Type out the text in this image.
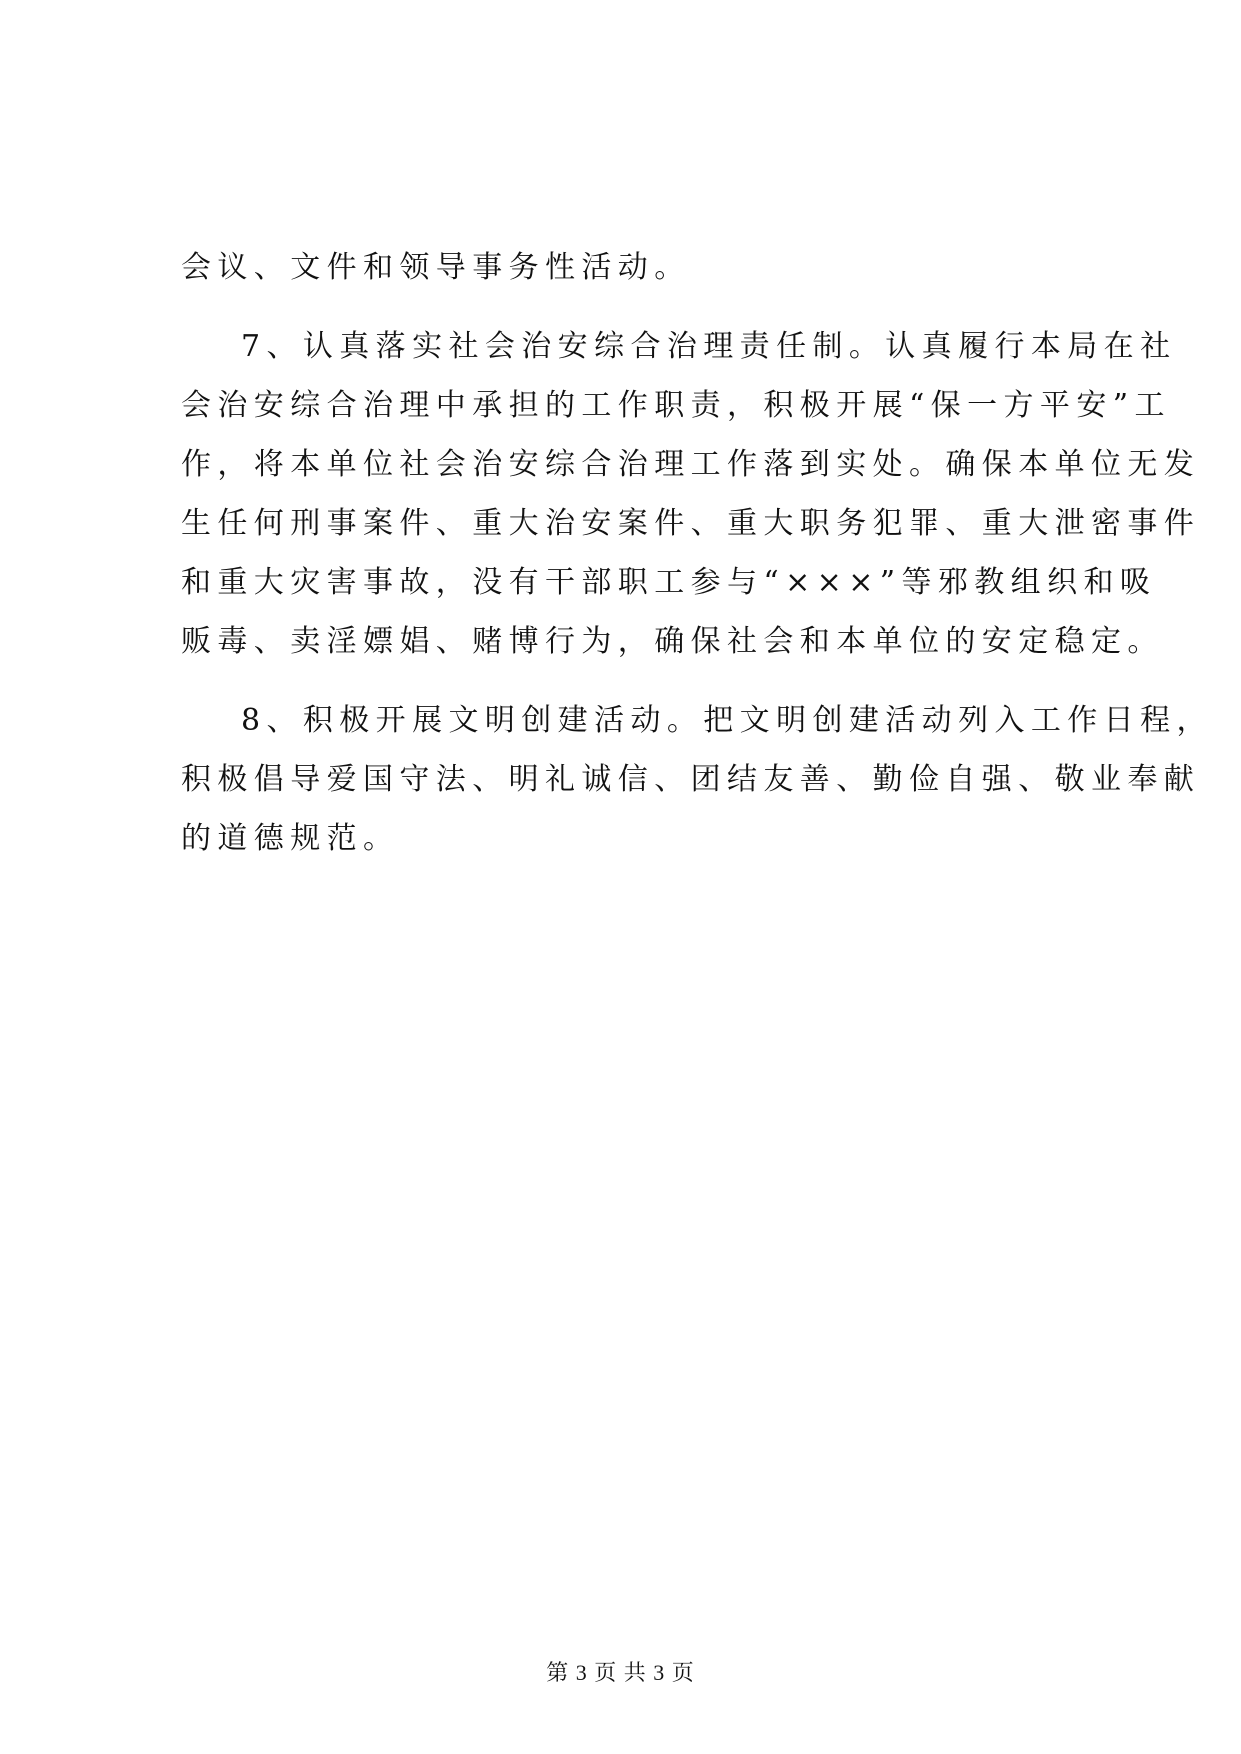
会议、文件和领导事务性活动。
7、认真落实社会治安综合治理责任制。认真履行本局在社
会治安综合治理中承担的工作职责，积极开展“保一方平安”工
作，将本单位社会治安综合治理工作落到实处。确保本单位无发
生任何刑事案件、重大治安案件、重大职务犯罪、重大泄密事件
和重大灾害事故，没有干部职工参与“×××”等邪教组织和吸
贩毒、卖淫嫖娼、赌博行为，确保社会和本单位的安定稳定。
8、积极开展文明创建活动。把文明创建活动列入工作日程，
积极倡导爱国守法、明礼诚信、团结友善、勤俭自强、敬业奉献
的道德规范。
第 3 页 共 3 页
